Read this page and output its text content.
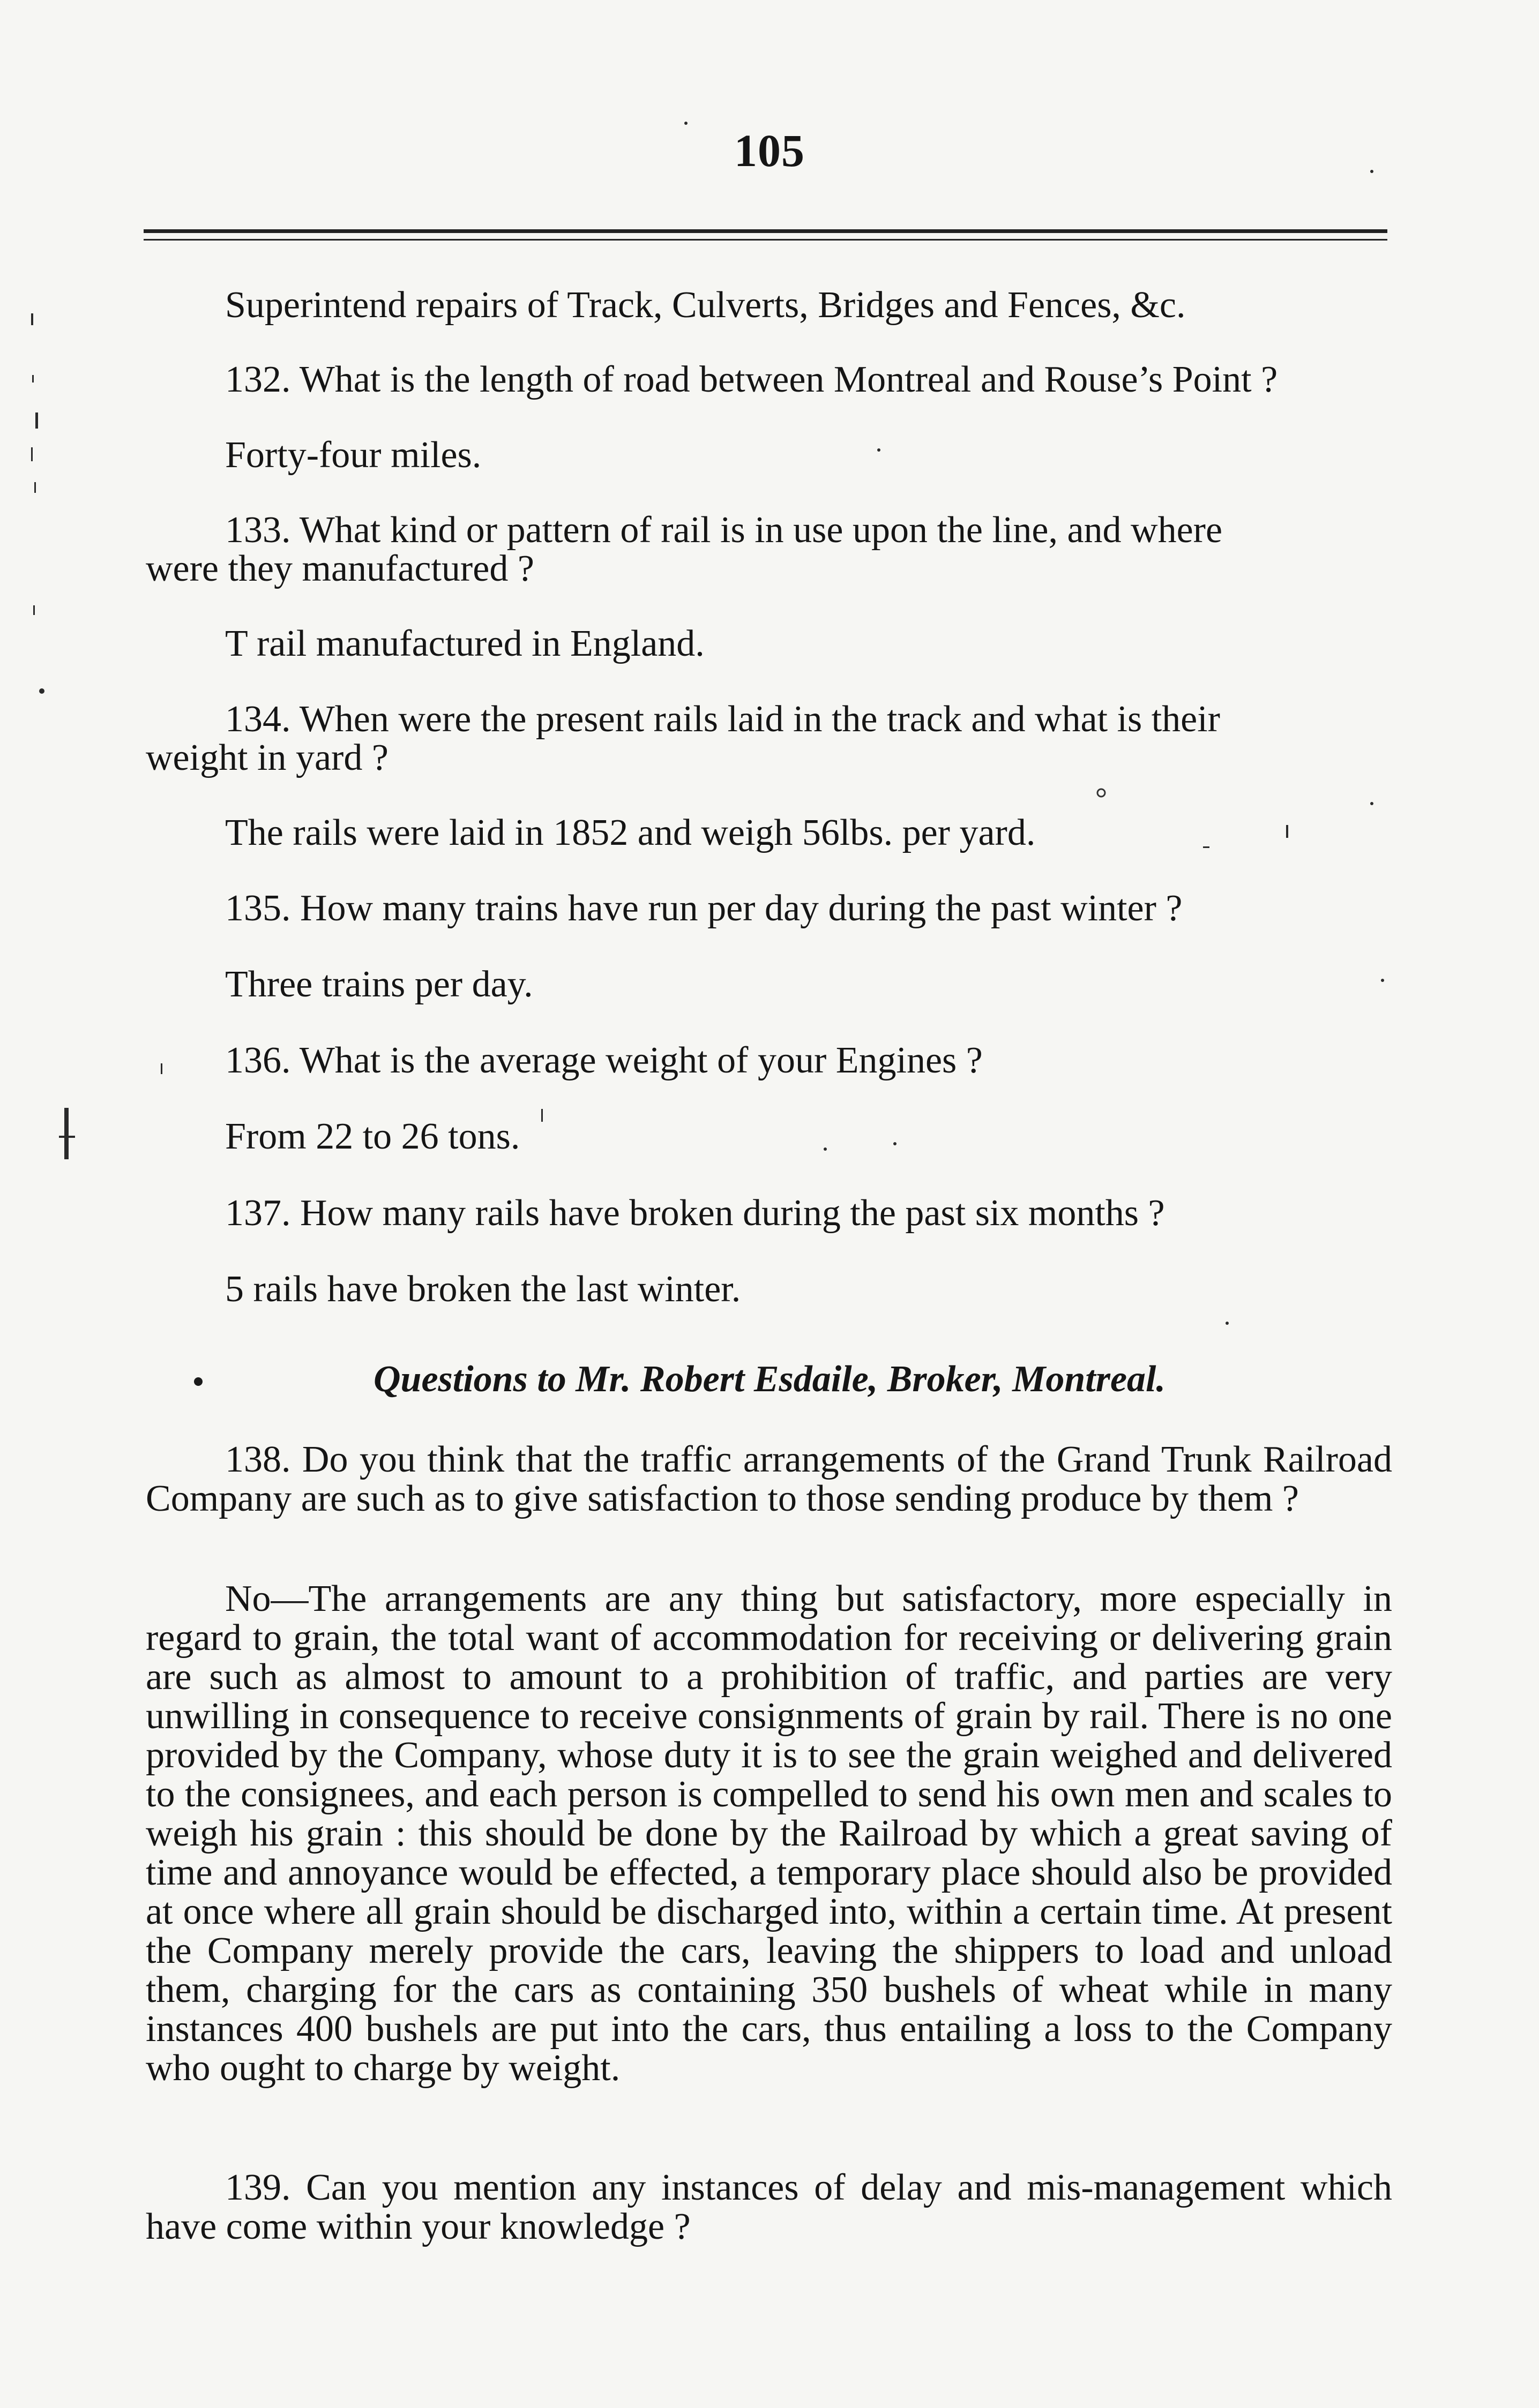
105
Superintend repairs of Track, Culverts, Bridges and Fences, &c.
132. What is the length of road between Montreal and Rouse’s Point ?
Forty-four miles.
133. What kind or pattern of rail is in use upon the line, and where
were they manufactured ?
T rail manufactured in England.
134. When were the present rails laid in the track and what is their
weight in yard ?
The rails were laid in 1852 and weigh 56lbs. per yard.
135. How many trains have run per day during the past winter ?
Three trains per day.
136. What is the average weight of your Engines ?
From 22 to 26 tons.
137. How many rails have broken during the past six months ?
5 rails have broken the last winter.
Questions to Mr. Robert Esdaile, Broker, Montreal.
138. Do you think that the traffic arrangements of the Grand Trunk Railroad Company are such as to give satisfaction to those sending produce by them ?
No—The arrangements are any thing but satisfactory, more especially in regard to grain, the total want of accommodation for receiving or delivering grain are such as almost to amount to a prohibition of traffic, and parties are very unwilling in consequence to receive consignments of grain by rail. There is no one provided by the Company, whose duty it is to see the grain weighed and delivered to the consignees, and each person is compelled to send his own men and scales to weigh his grain : this should be done by the Railroad by which a great saving of time and annoyance would be effected, a temporary place should also be provided at once where all grain should be discharged into, within a certain time. At present the Company merely provide the cars, leaving the shippers to load and unload them, charging for the cars as containing 350 bushels of wheat while in many instances 400 bushels are put into the cars, thus entailing a loss to the Company who ought to charge by weight.
139. Can you mention any instances of delay and mis-management which have come within your knowledge ?
